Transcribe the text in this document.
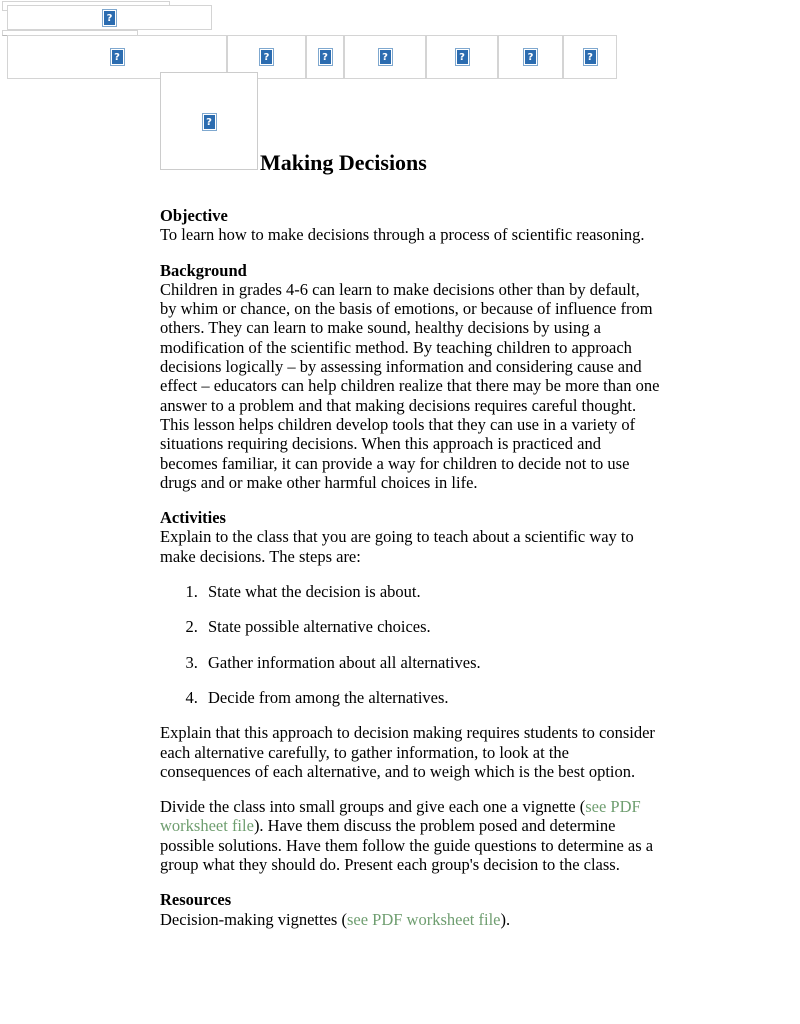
?
?	?	?	?	?	?	?
?
Making Decisions
Objective

To learn how to make decisions through a process of scientific reasoning.

Background

Children in grades 4-6 can learn to make decisions other than by default, by whim or chance, on the basis of emotions, or because of influence from others. They can learn to make sound, healthy decisions by using a modification of the scientific method. By teaching children to approach decisions logically – by assessing information and considering cause and effect – educators can help children realize that there may be more than one answer to a problem and that making decisions requires careful thought. This lesson helps children develop tools that they can use in a variety of situations requiring decisions. When this approach is practiced and becomes familiar, it can provide a way for children to decide not to use drugs and or make other harmful choices in life.

Activities

Explain to the class that you are going to teach about a scientific way to make decisions. The steps are:

1. State what the decision is about.
2. State possible alternative choices.
3. Gather information about all alternatives.
4. Decide from among the alternatives.

Explain that this approach to decision making requires students to consider each alternative carefully, to gather information, to look at the consequences of each alternative, and to weigh which is the best option.

Divide the class into small groups and give each one a vignette (see PDF worksheet file). Have them discuss the problem posed and determine possible solutions. Have them follow the guide questions to determine as a group what they should do. Present each group's decision to the class.

Resources

Decision-making vignettes (see PDF worksheet file).
